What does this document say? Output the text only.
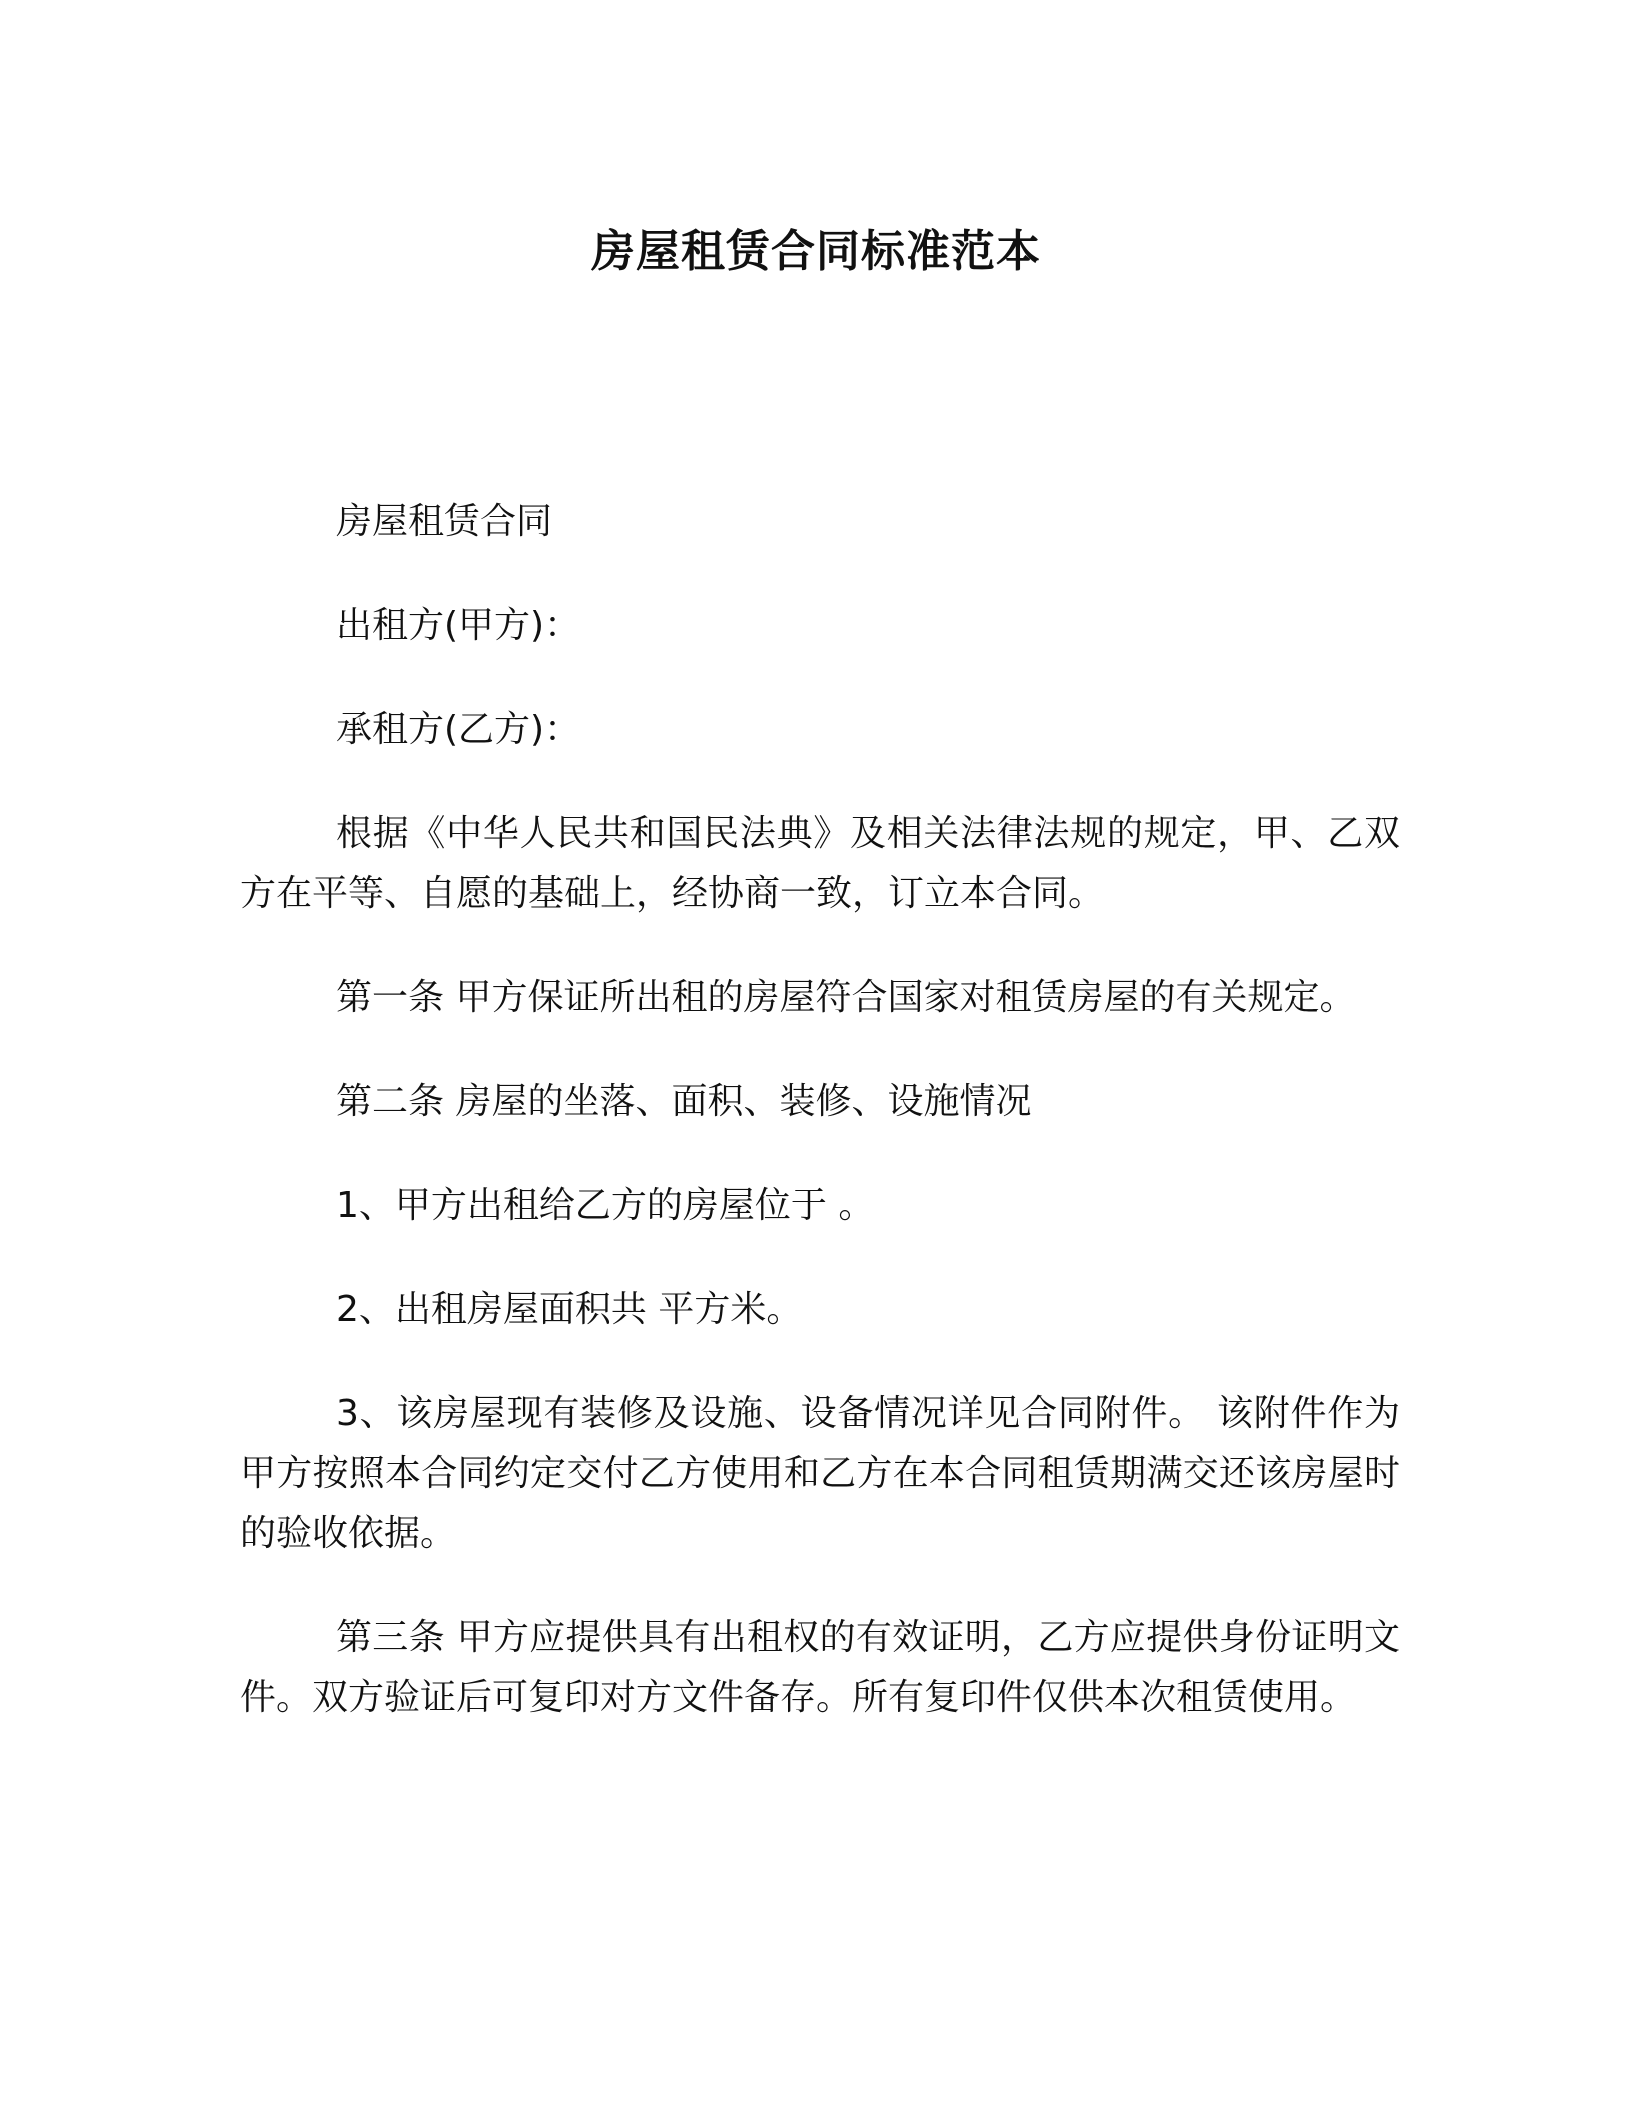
房屋租赁合同标准范本

房屋租赁合同

出租方(甲方)：

承租方(乙方)：

根据《中华人民共和国民法典》及相关法律法规的规定，甲、乙双方在平等、自愿的基础上，经协商一致，订立本合同。

第一条 甲方保证所出租的房屋符合国家对租赁房屋的有关规定。

第二条 房屋的坐落、面积、装修、设施情况

1、甲方出租给乙方的房屋位于 。

2、出租房屋面积共 平方米。

3、该房屋现有装修及设施、设备情况详见合同附件。 该附件作为甲方按照本合同约定交付乙方使用和乙方在本合同租赁期满交还该房屋时的验收依据。

第三条 甲方应提供具有出租权的有效证明，乙方应提供身份证明文件。双方验证后可复印对方文件备存。所有复印件仅供本次租赁使用。
